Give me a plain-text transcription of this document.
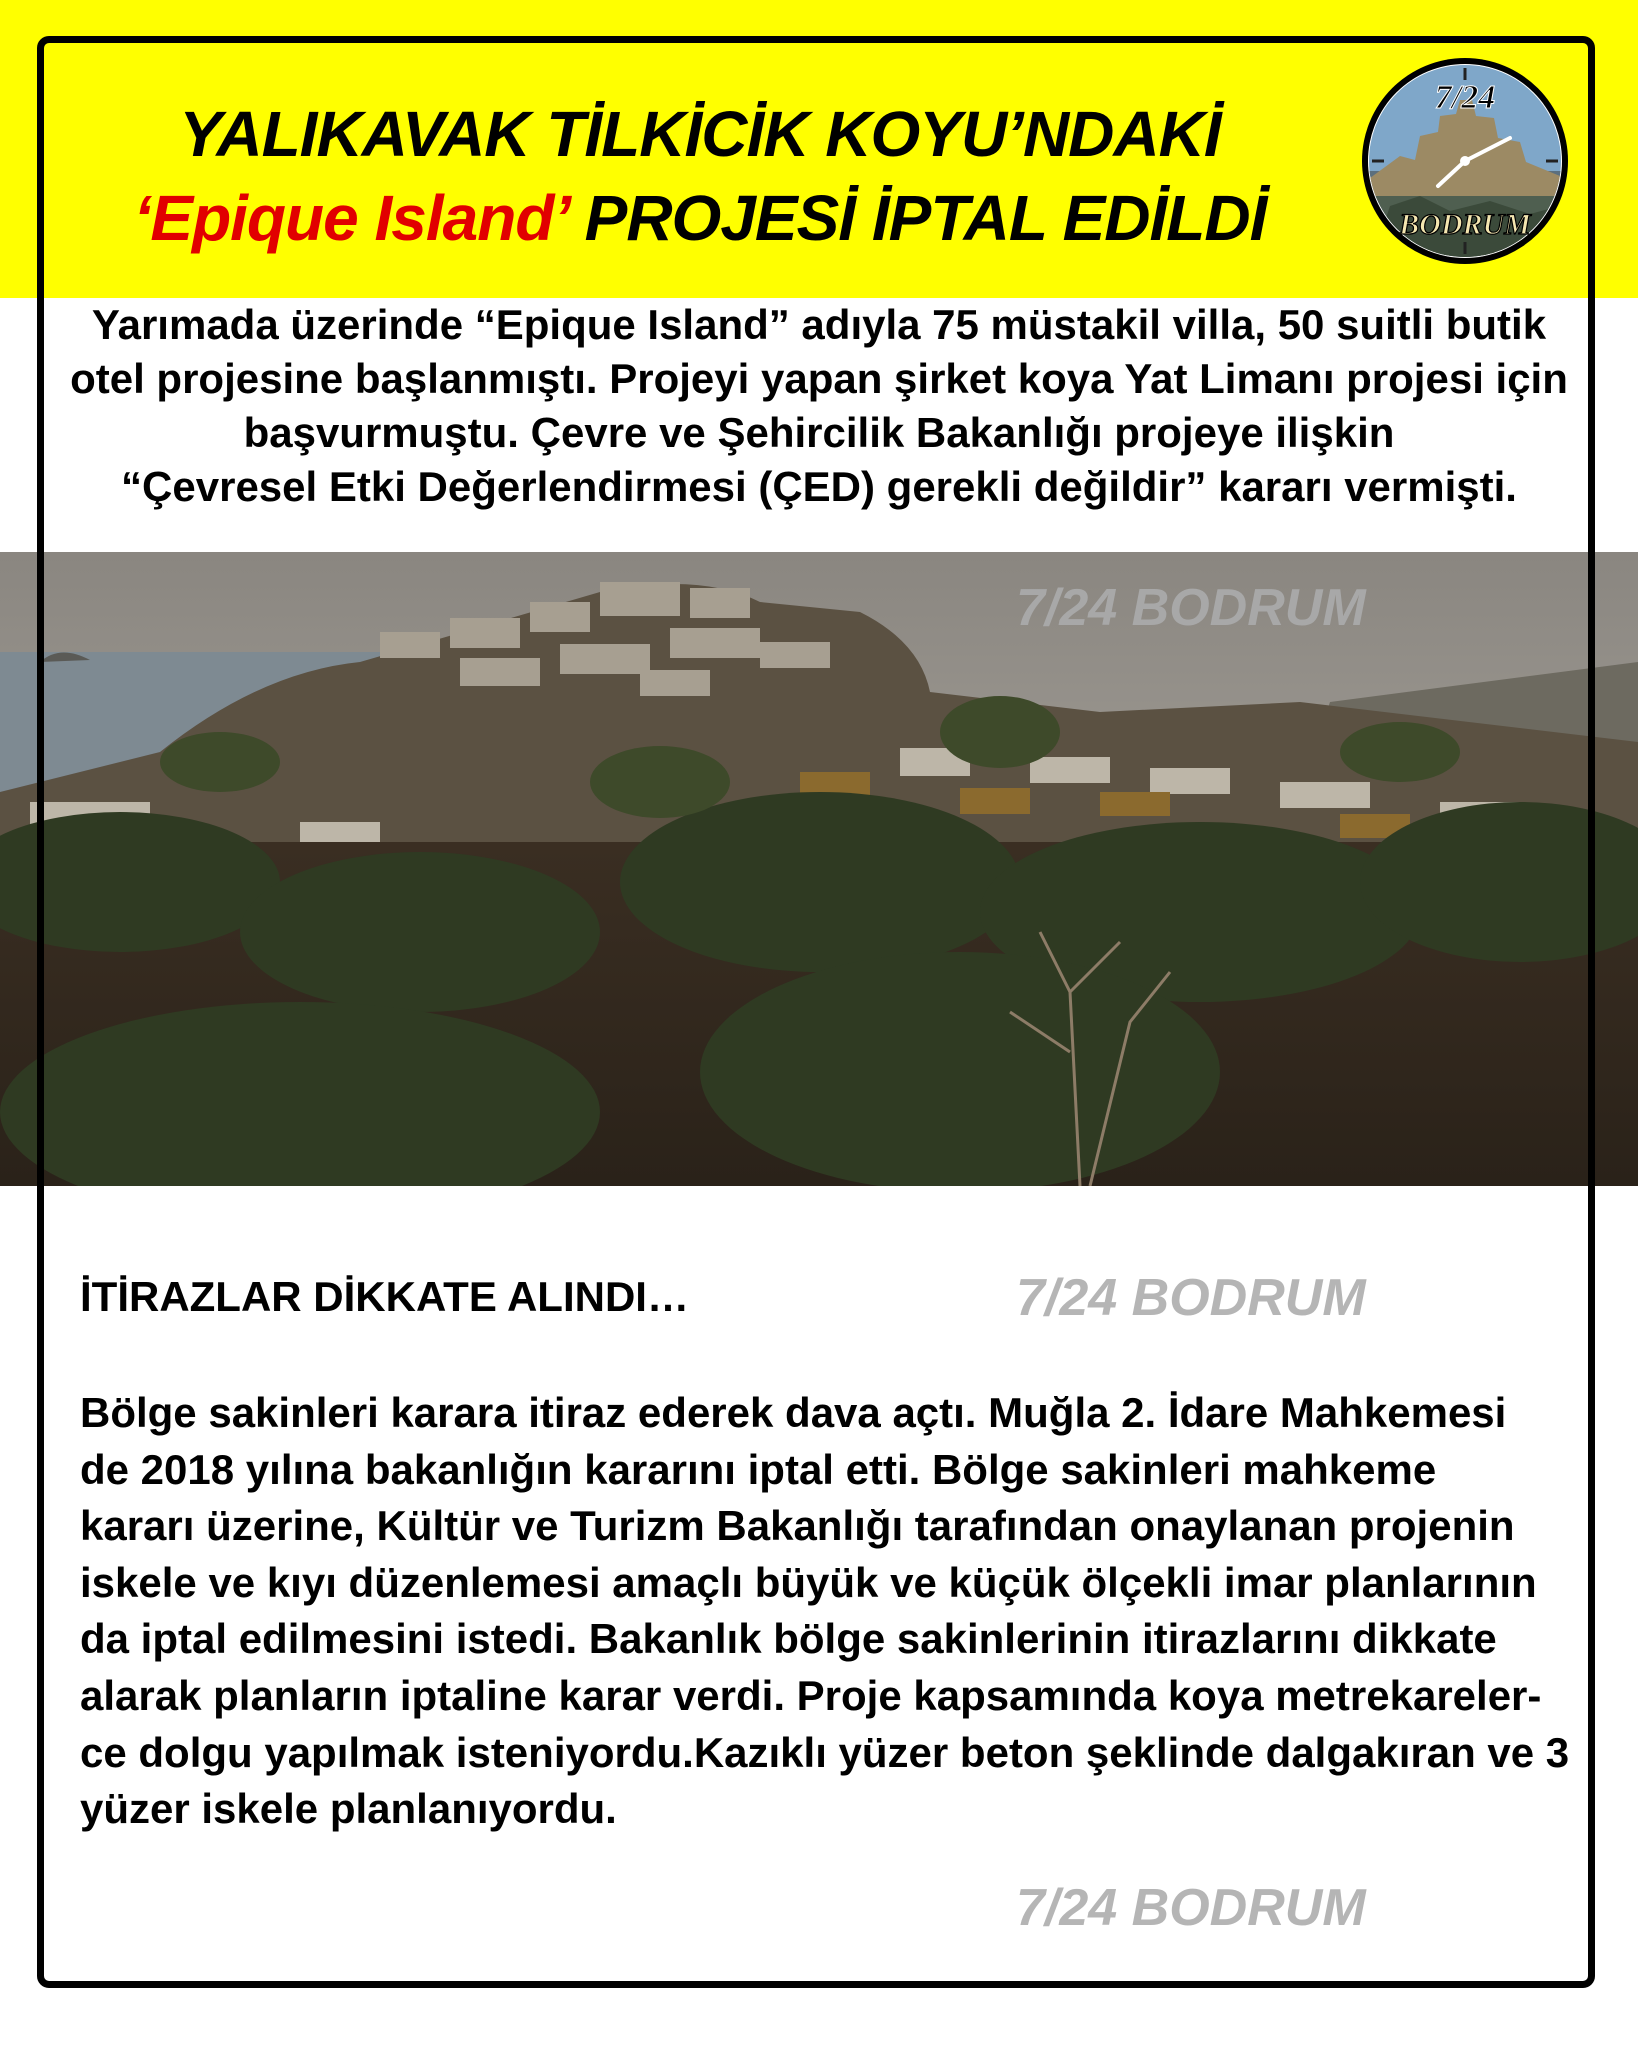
YALIKAVAK TİLKİCİK KOYU’NDAKİ
‘Epique Island’ PROJESİ İPTAL EDİLDİ
7/24
BODRUM
Yarımada üzerinde “Epique Island” adıyla 75 müstakil villa, 50 suitli butik
otel projesine başlanmıştı. Projeyi yapan şirket koya Yat Limanı projesi için
başvurmuştu. Çevre ve Şehircilik Bakanlığı projeye ilişkin
“Çevresel Etki Değerlendirmesi (ÇED) gerekli değildir” kararı vermişti.
7/24 BODRUM
7/24 BODRUM
7/24 BODRUM
İTİRAZLAR DİKKATE ALINDI…

Bölge sakinleri karara itiraz ederek dava açtı. Muğla 2. İdare Mahkemesi

de 2018 yılına bakanlığın kararını iptal etti. Bölge sakinleri mahkeme

kararı üzerine, Kültür ve Turizm Bakanlığı tarafından onaylanan projenin

iskele ve kıyı düzenlemesi amaçlı büyük ve küçük ölçekli imar planlarının

da iptal edilmesini istedi. Bakanlık bölge sakinlerinin itirazlarını dikkate

alarak planların iptaline karar verdi. Proje kapsamında koya metrekareler-

ce dolgu yapılmak isteniyordu.Kazıklı yüzer beton şeklinde dalgakıran ve 3

yüzer iskele planlanıyordu.
